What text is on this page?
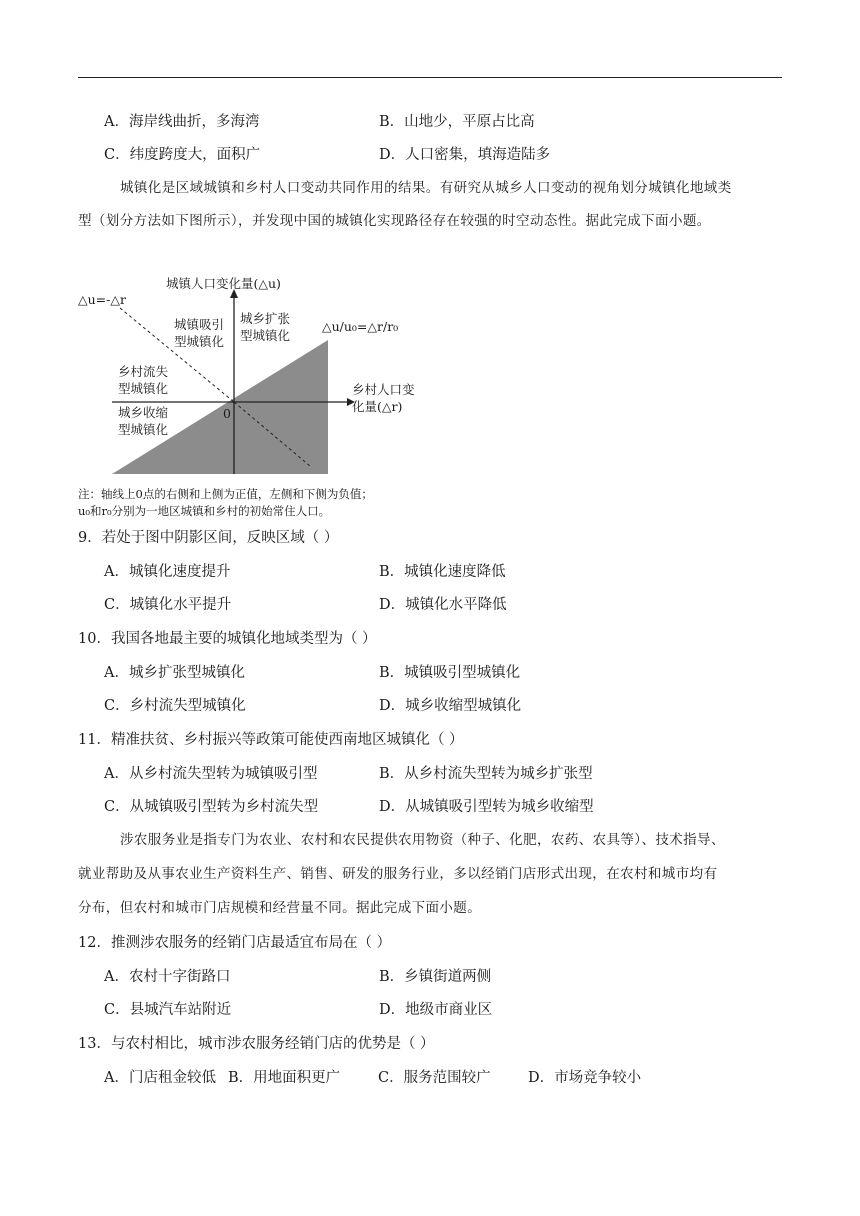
A．海岸线曲折，多海湾	B．山地少，平原占比高
C．纬度跨度大，面积广	D．人口密集，填海造陆多
城镇化是区域城镇和乡村人口变动共同作用的结果。有研究从城乡人口变动的视角划分城镇化地域类
型（划分方法如下图所示），并发现中国的城镇化实现路径存在较强的时空动态性。据此完成下面小题。
城镇人口变化量(△u)
△u=-△r
△u/u₀=△r/r₀
城镇吸引
型城镇化
城乡扩张
型城镇化
乡村流失
型城镇化
城乡收缩
型城镇化
0
乡村人口变
化量(△r)
注：轴线上0点的右侧和上侧为正值，左侧和下侧为负值；
u₀和r₀分别为一地区城镇和乡村的初始常住人口。
9．若处于图中阴影区间，反映区域（ ）
A．城镇化速度提升	B．城镇化速度降低
C．城镇化水平提升	D．城镇化水平降低
10．我国各地最主要的城镇化地域类型为（ ）
A．城乡扩张型城镇化	B．城镇吸引型城镇化
C．乡村流失型城镇化	D．城乡收缩型城镇化
11．精准扶贫、乡村振兴等政策可能使西南地区城镇化（ ）
A．从乡村流失型转为城镇吸引型	B．从乡村流失型转为城乡扩张型
C．从城镇吸引型转为乡村流失型	D．从城镇吸引型转为城乡收缩型
涉农服务业是指专门为农业、农村和农民提供农用物资（种子、化肥，农药、农具等）、技术指导、
就业帮助及从事农业生产资料生产、销售、研发的服务行业，多以经销门店形式出现，在农村和城市均有
分布，但农村和城市门店规模和经营量不同。据此完成下面小题。
12．推测涉农服务的经销门店最适宜布局在（ ）
A．农村十字街路口	B．乡镇街道两侧
C．县城汽车站附近	D．地级市商业区
13．与农村相比，城市涉农服务经销门店的优势是（ ）
A．门店租金较低 B．用地面积更广	C．服务范围较广	D．市场竞争较小
